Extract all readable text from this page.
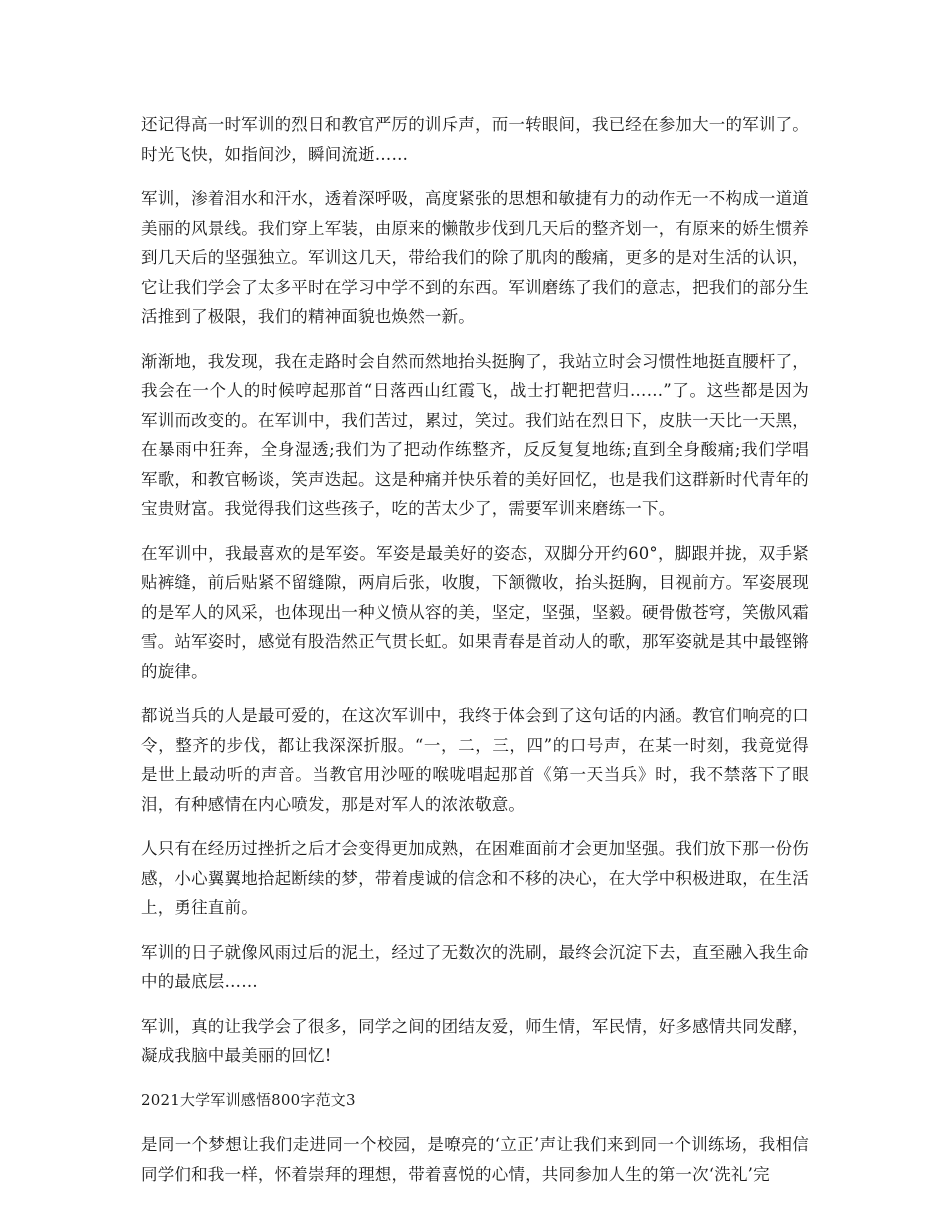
还记得高一时军训的烈日和教官严厉的训斥声，而一转眼间，我已经在参加大一的军训了。时光飞快，如指间沙，瞬间流逝……

军训，渗着泪水和汗水，透着深呼吸，高度紧张的思想和敏捷有力的动作无一不构成一道道美丽的风景线。我们穿上军装，由原来的懒散步伐到几天后的整齐划一，有原来的娇生惯养到几天后的坚强独立。军训这几天，带给我们的除了肌肉的酸痛，更多的是对生活的认识，它让我们学会了太多平时在学习中学不到的东西。军训磨练了我们的意志，把我们的部分生活推到了极限，我们的精神面貌也焕然一新。

渐渐地，我发现，我在走路时会自然而然地抬头挺胸了，我站立时会习惯性地挺直腰杆了，我会在一个人的时候哼起那首“日落西山红霞飞，战士打靶把营归……”了。这些都是因为军训而改变的。在军训中，我们苦过，累过，笑过。我们站在烈日下，皮肤一天比一天黑，在暴雨中狂奔，全身湿透;我们为了把动作练整齐，反反复复地练;直到全身酸痛;我们学唱军歌，和教官畅谈，笑声迭起。这是种痛并快乐着的美好回忆，也是我们这群新时代青年的宝贵财富。我觉得我们这些孩子，吃的苦太少了，需要军训来磨练一下。

在军训中，我最喜欢的是军姿。军姿是最美好的姿态，双脚分开约60°，脚跟并拢，双手紧贴裤缝，前后贴紧不留缝隙，两肩后张，收腹，下颔微收，抬头挺胸，目视前方。军姿展现的是军人的风采，也体现出一种义愤从容的美，坚定，坚强，坚毅。硬骨傲苍穹，笑傲风霜雪。站军姿时，感觉有股浩然正气贯长虹。如果青春是首动人的歌，那军姿就是其中最铿锵的旋律。

都说当兵的人是最可爱的，在这次军训中，我终于体会到了这句话的内涵。教官们响亮的口令，整齐的步伐，都让我深深折服。“一，二，三，四”的口号声，在某一时刻，我竟觉得是世上最动听的声音。当教官用沙哑的喉咙唱起那首《第一天当兵》时，我不禁落下了眼泪，有种感情在内心喷发，那是对军人的浓浓敬意。

人只有在经历过挫折之后才会变得更加成熟，在困难面前才会更加坚强。我们放下那一份伤感，小心翼翼地拾起断续的梦，带着虔诚的信念和不移的决心，在大学中积极进取，在生活上，勇往直前。

军训的日子就像风雨过后的泥土，经过了无数次的洗刷，最终会沉淀下去，直至融入我生命中的最底层……

军训，真的让我学会了很多，同学之间的团结友爱，师生情，军民情，好多感情共同发酵，凝成我脑中最美丽的回忆!

2021大学军训感悟800字范文3

是同一个梦想让我们走进同一个校园，是嘹亮的‘立正’声让我们来到同一个训练场，我相信同学们和我一样，怀着崇拜的理想，带着喜悦的心情，共同参加人生的第一次‘洗礼’完
